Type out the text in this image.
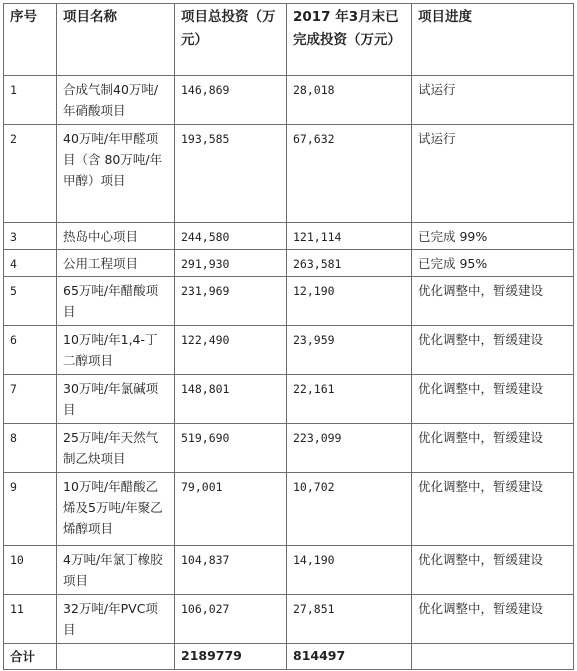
序号	项目名称	项目总投资（万元）	2017 年3月末已完成投资（万元）	项目进度
1	合成气制40万吨/年硝酸项目	146,869	28,018	试运行
2	40万吨/年甲醛项目（含 80万吨/年甲醇）项目	193,585	67,632	试运行
3	热岛中心项目	244,580	121,114	已完成 99%
4	公用工程项目	291,930	263,581	已完成 95%
5	65万吨/年醋酸项目	231,969	12,190	优化调整中，暂缓建设
6	10万吨/年1,4-丁二醇项目	122,490	23,959	优化调整中，暂缓建设
7	30万吨/年氯碱项目	148,801	22,161	优化调整中，暂缓建设
8	25万吨/年天然气制乙炔项目	519,690	223,099	优化调整中，暂缓建设
9	10万吨/年醋酸乙烯及5万吨/年聚乙烯醇项目	79,001	10,702	优化调整中，暂缓建设
10	4万吨/年氯丁橡胶项目	104,837	14,190	优化调整中，暂缓建设
11	32万吨/年PVC项目	106,027	27,851	优化调整中，暂缓建设
合计		2189779	814497	
